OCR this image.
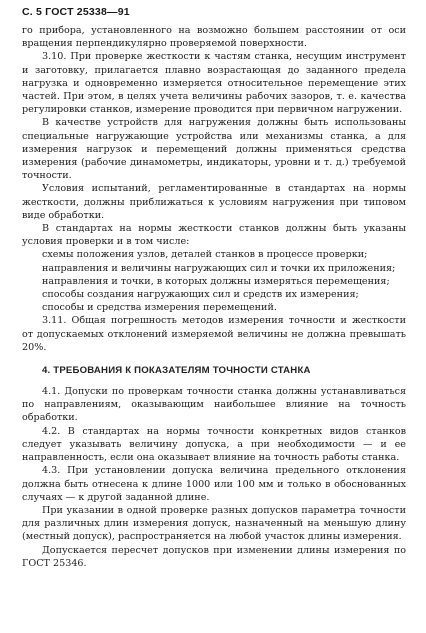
С. 5 ГОСТ 25338—91

го прибора, установленного на возможно большем расстоянии от оси вращения перпендикулярно проверяемой поверхности.

3.10. При проверке жесткости к частям станка, несущим инструмент и заготовку, прилагается плавно возрастающая до заданного предела нагрузка и одновременно измеряется относительное перемещение этих частей. При этом, в целях учета величины рабочих зазоров, т. е. качества регулировки станков, измерение проводится при первичном нагружении.

В качестве устройств для нагружения должны быть использованы специальные нагружающие устройства или механизмы станка, а для измерения нагрузок и перемещений должны применяться средства измерения (рабочие динамометры, индикаторы, уровни и т. д.) требуемой точности.

Условия испытаний, регламентированные в стандартах на нормы жесткости, должны приближаться к условиям нагружения при типовом виде обработки.

В стандартах на нормы жесткости станков должны быть указаны условия проверки и в том числе:

схемы положения узлов, деталей станков в процессе проверки;

направления и величины нагружающих сил и точки их приложения;

направления и точки, в которых должны измеряться перемещения;

способы создания нагружающих сил и средств их измерения;

способы и средства измерения перемещений.

3.11. Общая погрешность методов измерения точности и жесткости от допускаемых отклонений измеряемой величины не должна превышать 20%.

4. ТРЕБОВАНИЯ К ПОКАЗАТЕЛЯМ ТОЧНОСТИ СТАНКА

4.1. Допуски по проверкам точности станка должны устанавливаться по направлениям, оказывающим наибольшее влияние на точность обработки.

4.2. В стандартах на нормы точности конкретных видов станков следует указывать величину допуска, а при необходимости — и ее направленность, если она оказывает влияние на точность работы станка.

4.3. При установлении допуска величина предельного отклонения должна быть отнесена к длине 1000 или 100 мм и только в обоснованных случаях — к другой заданной длине.

При указании в одной проверке разных допусков параметра точности для различных длин измерения допуск, назначенный на меньшую длину (местный допуск), распространяется на любой участок длины измерения.

Допускается пересчет допусков при изменении длины измерения по ГОСТ 25346.
